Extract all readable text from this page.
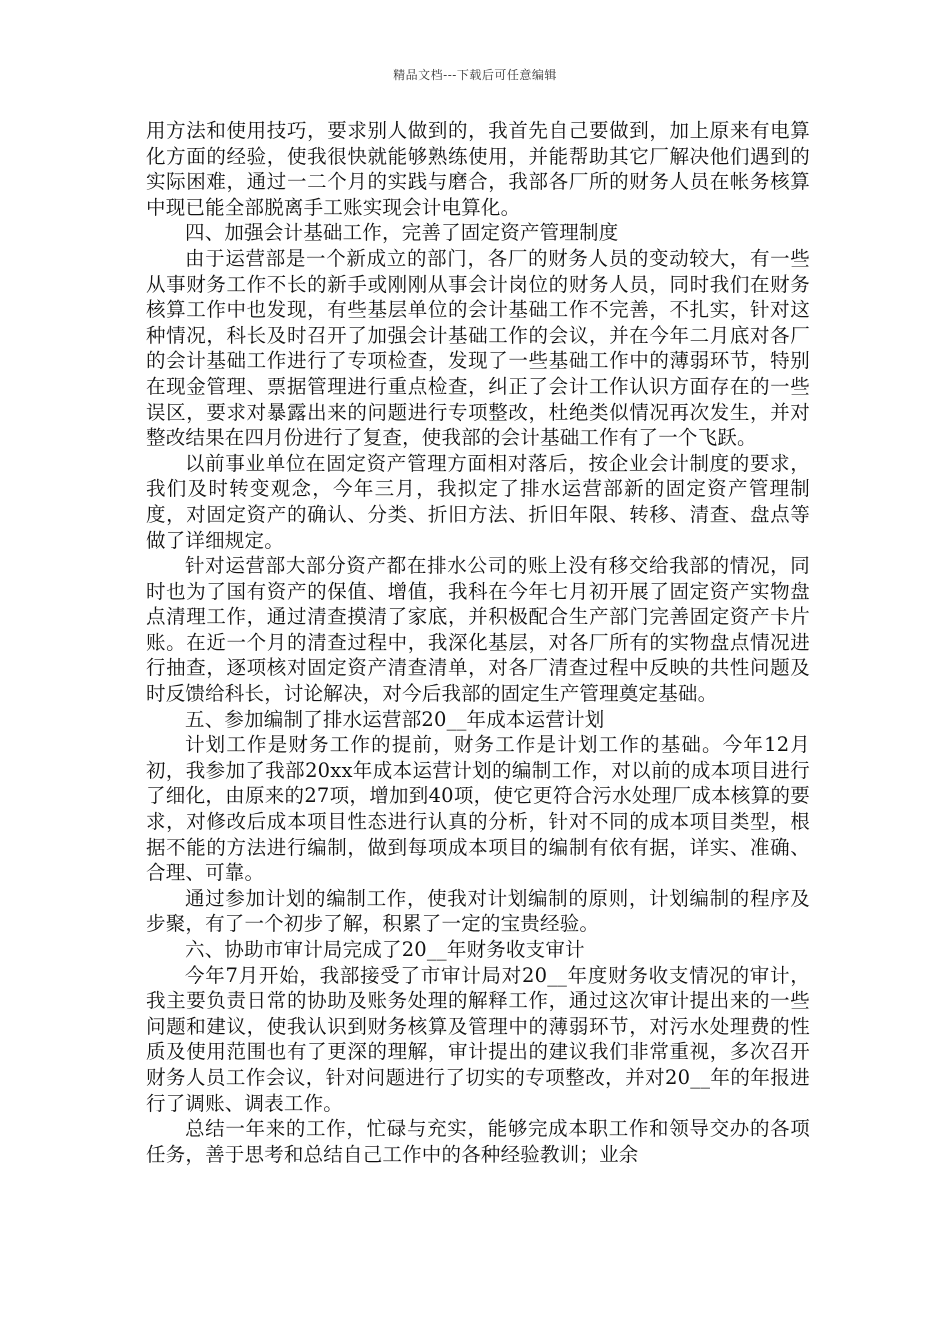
精品文档---下载后可任意编辑

用方法和使用技巧，要求别人做到的，我首先自己要做到，加上原来有电算化方面的经验，使我很快就能够熟练使用，并能帮助其它厂解决他们遇到的实际困难，通过一二个月的实践与磨合，我部各厂所的财务人员在帐务核算中现已能全部脱离手工账实现会计电算化。

四、加强会计基础工作，完善了固定资产管理制度

由于运营部是一个新成立的部门，各厂的财务人员的变动较大，有一些从事财务工作不长的新手或刚刚从事会计岗位的财务人员，同时我们在财务核算工作中也发现，有些基层单位的会计基础工作不完善，不扎实，针对这种情况，科长及时召开了加强会计基础工作的会议，并在今年二月底对各厂的会计基础工作进行了专项检查，发现了一些基础工作中的薄弱环节，特别在现金管理、票据管理进行重点检查，纠正了会计工作认识方面存在的一些误区，要求对暴露出来的问题进行专项整改，杜绝类似情况再次发生，并对整改结果在四月份进行了复查，使我部的会计基础工作有了一个飞跃。

以前事业单位在固定资产管理方面相对落后，按企业会计制度的要求，我们及时转变观念，今年三月，我拟定了排水运营部新的固定资产管理制度，对固定资产的确认、分类、折旧方法、折旧年限、转移、清查、盘点等做了详细规定。

针对运营部大部分资产都在排水公司的账上没有移交给我部的情况，同时也为了国有资产的保值、增值，我科在今年七月初开展了固定资产实物盘点清理工作，通过清查摸清了家底，并积极配合生产部门完善固定资产卡片账。在近一个月的清查过程中，我深化基层，对各厂所有的实物盘点情况进行抽查，逐项核对固定资产清查清单，对各厂清查过程中反映的共性问题及时反馈给科长，讨论解决，对今后我部的固定生产管理奠定基础。

五、参加编制了排水运营部20__年成本运营计划

计划工作是财务工作的提前，财务工作是计划工作的基础。今年12月初，我参加了我部20xx年成本运营计划的编制工作，对以前的成本项目进行了细化，由原来的27项，增加到40项，使它更符合污水处理厂成本核算的要求，对修改后成本项目性态进行认真的分析，针对不同的成本项目类型，根据不能的方法进行编制，做到每项成本项目的编制有依有据，详实、准确、合理、可靠。

通过参加计划的编制工作，使我对计划编制的原则，计划编制的程序及步聚，有了一个初步了解，积累了一定的宝贵经验。

六、协助市审计局完成了20__年财务收支审计

今年7月开始，我部接受了市审计局对20__年度财务收支情况的审计，我主要负责日常的协助及账务处理的解释工作，通过这次审计提出来的一些问题和建议，使我认识到财务核算及管理中的薄弱环节，对污水处理费的性质及使用范围也有了更深的理解，审计提出的建议我们非常重视，多次召开财务人员工作会议，针对问题进行了切实的专项整改，并对20__年的年报进行了调账、调表工作。

总结一年来的工作，忙碌与充实，能够完成本职工作和领导交办的各项任务，善于思考和总结自己工作中的各种经验教训；业余
